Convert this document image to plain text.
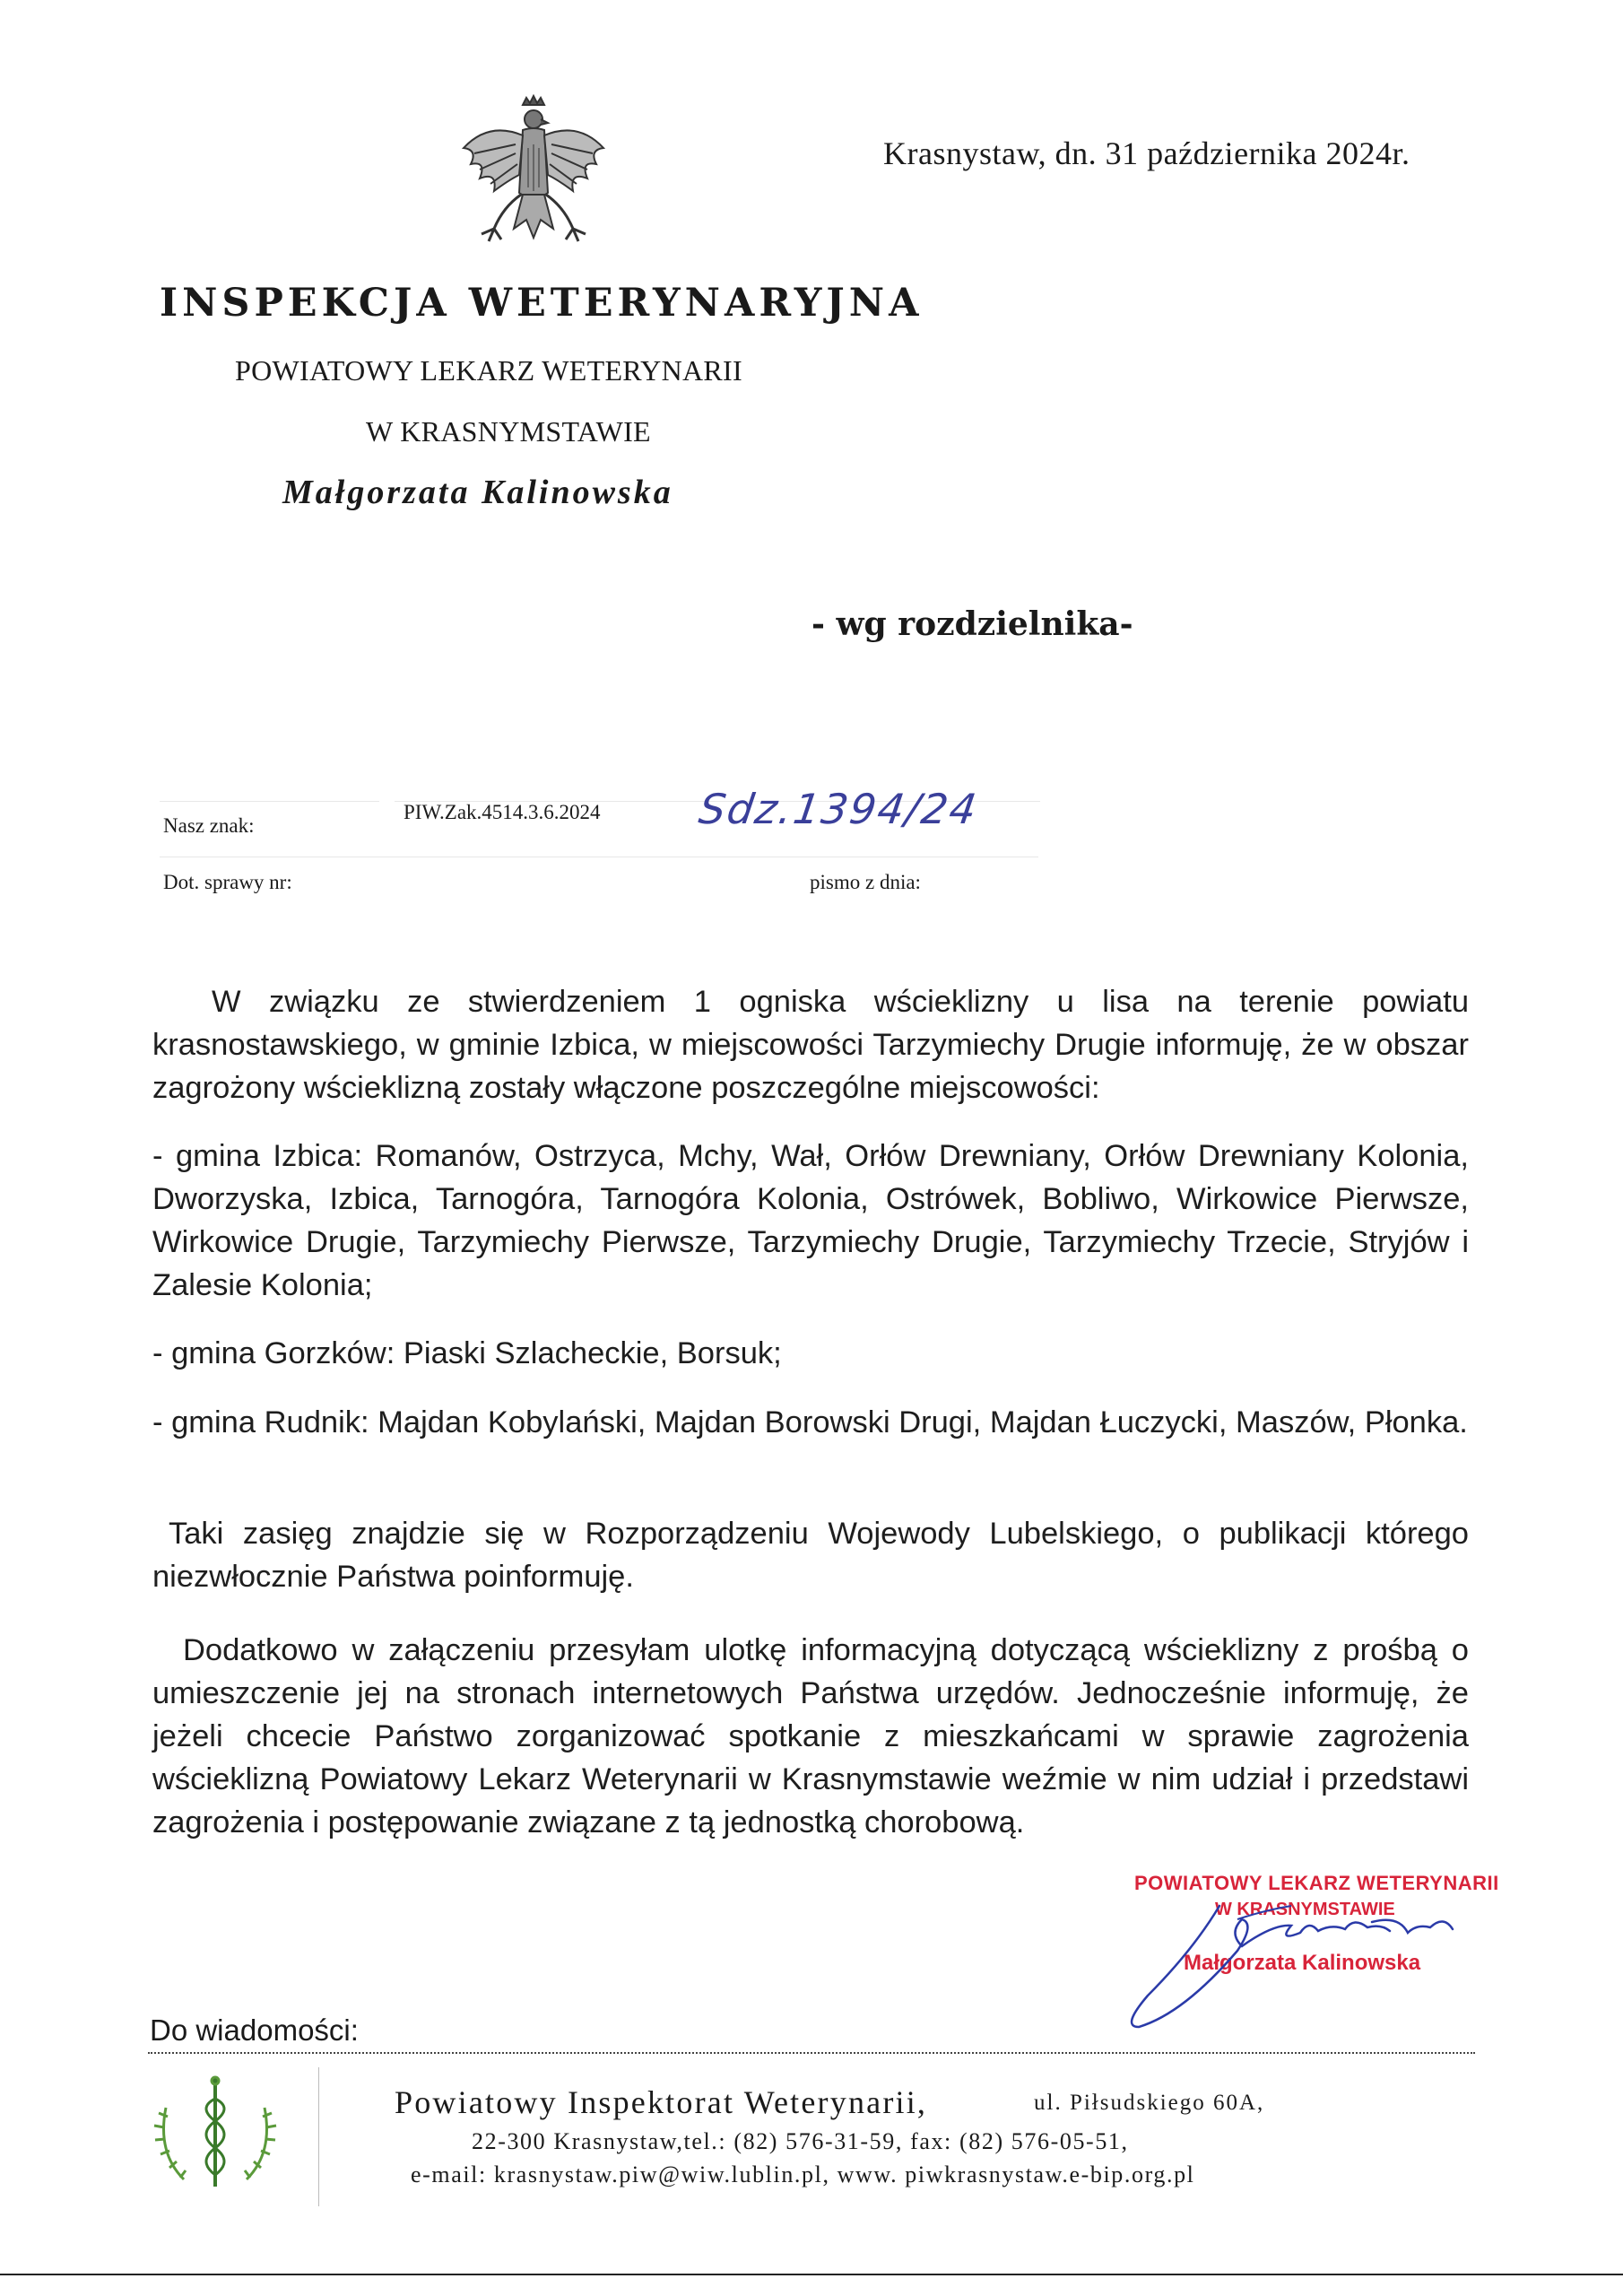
Krasnystaw, dn. 31 października 2024r.
INSPEKCJA WETERYNARYJNA
POWIATOWY LEKARZ WETERYNARII
W KRASNYMSTAWIE
Małgorzata Kalinowska
- wg rozdzielnika-
Nasz znak:
PIW.Zak.4514.3.6.2024 Sdz.1394/24
Dot. sprawy nr:	pismo z dnia:
W związku ze stwierdzeniem 1 ogniska wścieklizny u lisa na terenie powiatu krasnostawskiego, w gminie Izbica, w miejscowości Tarzymiechy Drugie informuję, że w obszar zagrożony wścieklizną zostały włączone poszczególne miejscowości:
- gmina Izbica: Romanów, Ostrzyca, Mchy, Wał, Orłów Drewniany, Orłów Drewniany Kolonia, Dworzyska, Izbica, Tarnogóra, Tarnogóra Kolonia, Ostrówek, Bobliwo, Wirkowice Pierwsze, Wirkowice Drugie, Tarzymiechy Pierwsze, Tarzymiechy Drugie, Tarzymiechy Trzecie, Stryjów i Zalesie Kolonia;
- gmina Gorzków: Piaski Szlacheckie, Borsuk;
- gmina Rudnik: Majdan Kobylański, Majdan Borowski Drugi, Majdan Łuczycki, Maszów, Płonka.
Taki zasięg znajdzie się w Rozporządzeniu Wojewody Lubelskiego, o publikacji którego niezwłocznie Państwa poinformuję.
Dodatkowo w załączeniu przesyłam ulotkę informacyjną dotyczącą wścieklizny z prośbą o umieszczenie jej na stronach internetowych Państwa urzędów. Jednocześnie informuję, że jeżeli chcecie Państwo zorganizować spotkanie z mieszkańcami w sprawie zagrożenia wścieklizną Powiatowy Lekarz Weterynarii w Krasnymstawie weźmie w nim udział i przedstawi zagrożenia i postępowanie związane z tą jednostką chorobową.
POWIATOWY LEKARZ WETERYNARII
W KRASNYMSTAWIE
Małgorzata Kalinowska
Do wiadomości:
Powiatowy Inspektorat Weterynarii,	ul. Piłsudskiego 60A,
22-300 Krasnystaw,tel.: (82) 576-31-59, fax: (82) 576-05-51,
e-mail: krasnystaw.piw@wiw.lublin.pl, www. piwkrasnystaw.e-bip.org.pl
